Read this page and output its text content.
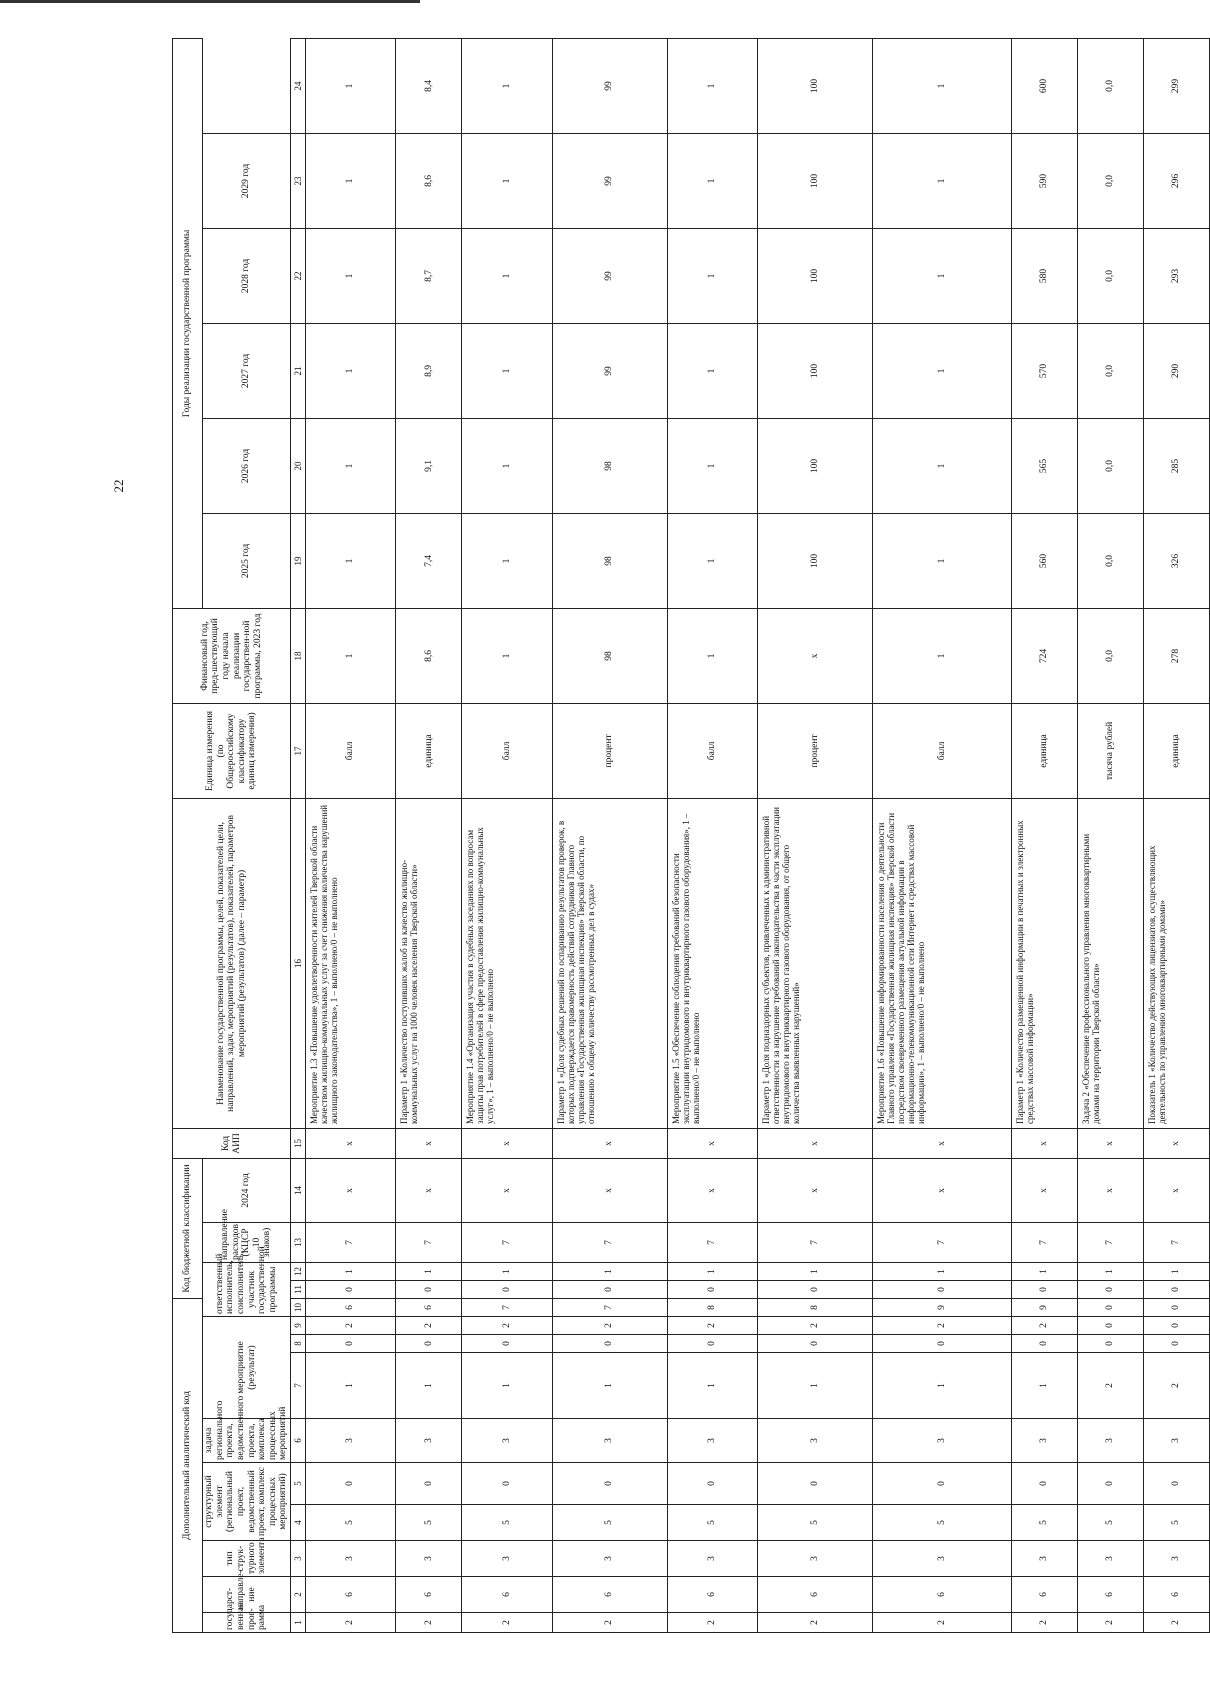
22
Дополнительный аналитический код										Код бюджетной классификации				Код АИП	Наименование государственной программы, целей, показателей цели, направлений, задач, мероприятий (результатов), показателей, параметров мероприятий (результатов) (далее – параметр)	Единица измерения (по Общероссийскому классификатору единиц измерения)	Финансовый год, пред-шествующий году начала реализации государствен-ной программы, 2023 год	Годы реализации государственной программы					
государст-венная прог-рамма	направле-ние	тип струк-турного элемента	структурный элемент (региональный проект, ведомственный проект, комплекс процессных мероприятий)		задача регионального проекта, ведомственного проекта, комплекса процессных мероприятий	мероприятие (результат)			ответственный исполнитель, соисполнитель, участник государственной программы			направление расходов (КЦСР 10 знаков)	2024 год					2025 год	2026 год	2027 год	2028 год	2029 год	

1	2	3	4	5	6	7	8	9	10	11	12	13	14	15	16	17	18	19	20	21	22	23	24
2	6	3	5	0	3	1	0	2	6	0	1	7	х	х	Мероприятие 1.3 «Повышение удовлетворенности жителей Тверской области качеством жилищно-коммунальных услуг за счет снижения количества нарушений жилищного законодательства», 1 – выполнено/0 – не выполнено	балл	1	1	1	1	1	1	1
2	6	3	5	0	3	1	0	2	6	0	1	7	х	х	Параметр 1 «Количество поступивших жалоб на качество жилищно-коммунальных услуг на 1000 человек населения Тверской области»	единица	8,6	7,4	9,1	8,9	8,7	8,6	8,4
2	6	3	5	0	3	1	0	2	7	0	1	7	х	х	Мероприятие 1.4 «Организация участия в судебных заседаниях по вопросам защиты прав потребителей в сфере предоставления жилищно-коммунальных услуг», 1 – выполнено/0 – не выполнено	балл	1	1	1	1	1	1	1
2	6	3	5	0	3	1	0	2	7	0	1	7	х	х	Параметр 1 «Доля судебных решений по оспариванию результатов проверок, в которых подтверждается правомерность действий сотрудников Главного управления «Государственная жилищная инспекция» Тверской области, по отношению к общему количеству рассмотренных дел в судах»	процент	98	98	98	99	99	99	99
2	6	3	5	0	3	1	0	2	8	0	1	7	х	х	Мероприятие 1.5 «Обеспечение соблюдения требований безопасности эксплуатации внутридомового и внутриквартирного газового оборудования», 1 – выполнено/0 – не выполнено	балл	1	1	1	1	1	1	1
2	6	3	5	0	3	1	0	2	8	0	1	7	х	х	Параметр 1 «Доля подназдорных субъектов, привлеченных к административной ответственности за нарушение требований законодательства в части эксплуатации внутридомового и внутриквартирного газового оборудования, от общего количества выявленных нарушений»	процент	х	100	100	100	100	100	100
2	6	3	5	0	3	1	0	2	9	0	1	7	х	х	Мероприятие 1.6 «Повышение информированности населения о деятельности Главного управления «Государственная жилищная инспекция» Тверской области посредством своевременного размещения актуальной информации в информационно-телекоммуникационной сети Интернет и средствах массовой информации», 1 – выполнено/0 – не выполнено	балл	1	1	1	1	1	1	1
2	6	3	5	0	3	1	0	2	9	0	1	7	х	х	Параметр 1 «Количество размещенной информации в печатных и электронных средствах массовой информации»	единица	724	560	565	570	580	590	600
2	6	3	5	0	3	2	0	0	0	0	1	7	х	х	Задача 2 «Обеспечение профессионального управления многоквартирными домами на территории Тверской области»	тысяча рублей	0,0	0,0	0,0	0,0	0,0	0,0	0,0
2	6	3	5	0	3	2	0	0	0	0	1	7	х	х	Показатель 1 «Количество действующих лицензиатов, осуществляющих деятельность по управлению многоквартирными домами»	единица	278	326	285	290	293	296	299
